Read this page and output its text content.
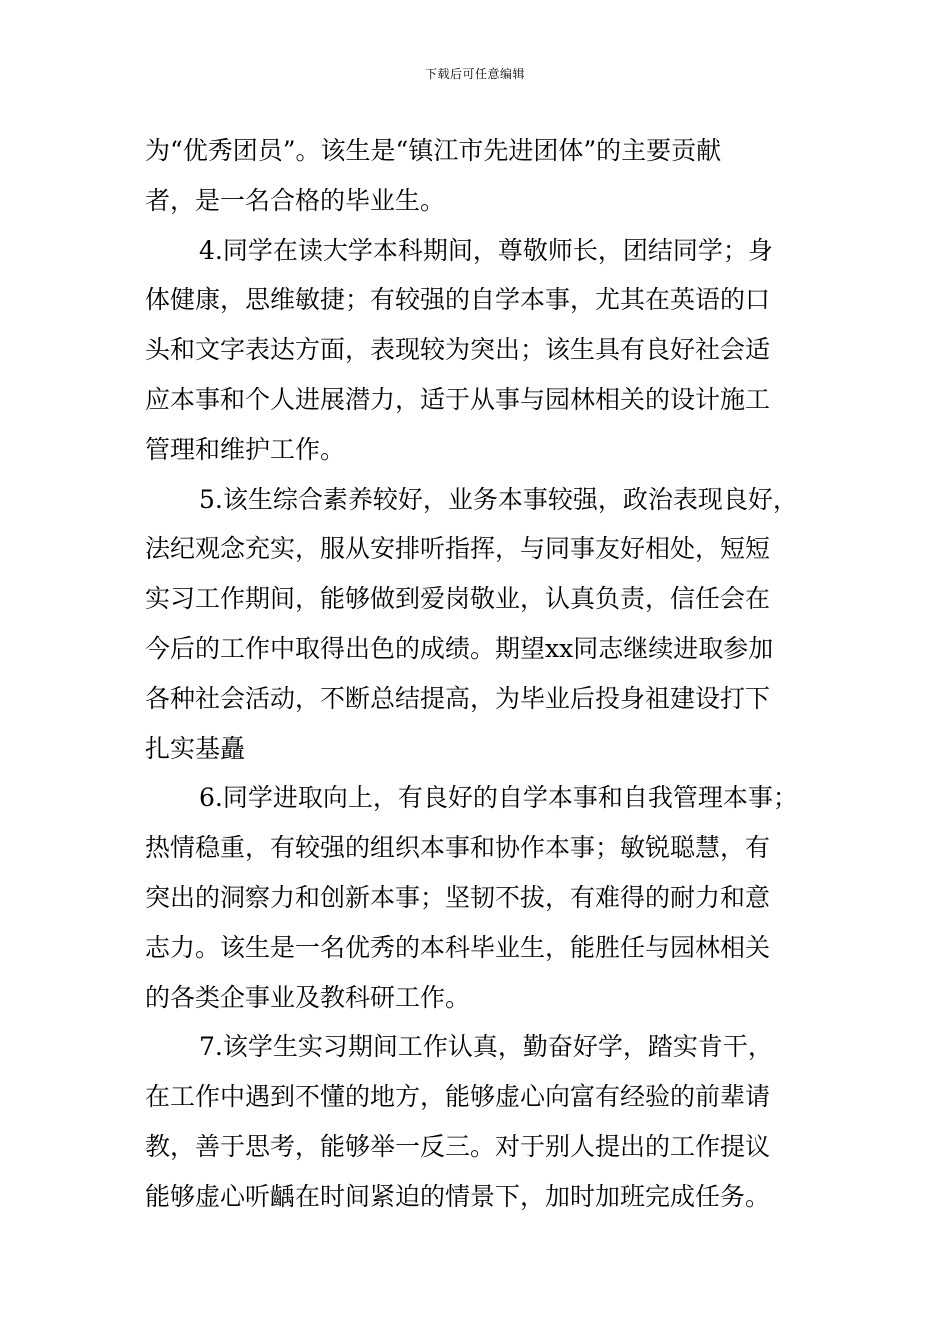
下载后可任意编辑
为“优秀团员”。该生是“镇江市先进团体”的主要贡献
者，是一名合格的毕业生。
4.同学在读大学本科期间，尊敬师长，团结同学；身
体健康，思维敏捷；有较强的自学本事，尤其在英语的口
头和文字表达方面，表现较为突出；该生具有良好社会适
应本事和个人进展潜力，适于从事与园林相关的设计施工
管理和维护工作。
5.该生综合素养较好，业务本事较强，政治表现良好，
法纪观念充实，服从安排听指挥，与同事友好相处，短短
实习工作期间，能够做到爱岗敬业，认真负责，信任会在
今后的工作中取得出色的成绩。期望xx同志继续进取参加
各种社会活动，不断总结提高，为毕业后投身祖建设打下
扎实基矗
6.同学进取向上，有良好的自学本事和自我管理本事；
热情稳重，有较强的组织本事和协作本事；敏锐聪慧，有
突出的洞察力和创新本事；坚韧不拔，有难得的耐力和意
志力。该生是一名优秀的本科毕业生，能胜任与园林相关
的各类企事业及教科研工作。
7.该学生实习期间工作认真，勤奋好学，踏实肯干，
在工作中遇到不懂的地方，能够虚心向富有经验的前辈请
教，善于思考，能够举一反三。对于别人提出的工作提议
能够虚心听齲在时间紧迫的情景下，加时加班完成任务。
